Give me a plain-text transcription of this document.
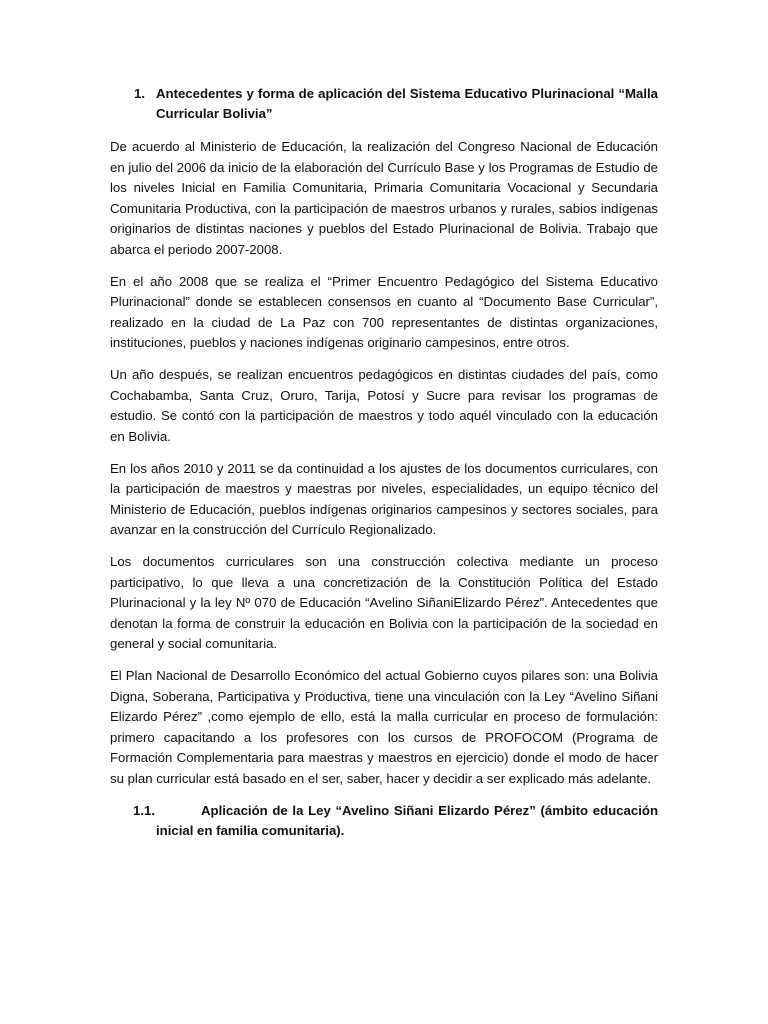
1. Antecedentes y forma de aplicación del Sistema Educativo Plurinacional “Malla Curricular Bolivia”

De acuerdo al Ministerio de Educación, la realización del Congreso Nacional de Educación en julio del 2006 da inicio de la elaboración del Currículo Base y los Programas de Estudio de los niveles Inicial en Familia Comunitaria, Primaria Comunitaria Vocacional y Secundaria Comunitaria Productiva, con la participación de maestros urbanos y rurales, sabios indígenas originarios de distintas naciones y pueblos del Estado Plurinacional de Bolivia. Trabajo que abarca el periodo 2007-2008.

En el año 2008 que se realiza el “Primer Encuentro Pedagógico del Sistema Educativo Plurinacional” donde se establecen consensos en cuanto al “Documento Base Curricular”, realizado en la ciudad de La Paz con 700 representantes de distintas organizaciones, instituciones, pueblos y naciones indígenas originario campesinos, entre otros.

Un año después, se realizan encuentros pedagógicos en distintas ciudades del país, como Cochabamba, Santa Cruz, Oruro, Tarija, Potosí y Sucre para revisar los programas de estudio. Se contó con la participación de maestros y todo aquél vinculado con la educación en Bolivia.

En los años 2010 y 2011 se da continuidad a los ajustes de los documentos curriculares, con la participación de maestros y maestras por niveles, especialidades, un equipo técnico del Ministerio de Educación, pueblos indígenas originarios campesinos y sectores sociales, para avanzar en la construcción del Currículo Regionalizado.

Los documentos curriculares son una construcción colectiva mediante un proceso participativo, lo que lleva a una concretización de la Constitución Política del Estado Plurinacional y la ley Nº 070 de Educación “Avelino SiñaniElizardo Pérez”. Antecedentes que denotan la forma de construir la educación en Bolivia con la participación de la sociedad en general y social comunitaria.

El Plan Nacional de Desarrollo Económico del actual Gobierno cuyos pilares son: una Bolivia Digna, Soberana, Participativa y Productiva, tiene una vinculación con la Ley “Avelino Siñani Elizardo Pérez” ,como ejemplo de ello, está la malla curricular en proceso de formulación: primero capacitando a los profesores con los cursos de PROFOCOM (Programa de Formación Complementaria para maestras y maestros en ejercicio) donde el modo de hacer su plan curricular está basado en el ser, saber, hacer y decidir a ser explicado más adelante.

1.1.	Aplicación de la Ley “Avelino Siñani Elizardo Pérez” (ámbito educación inicial en familia comunitaria).
